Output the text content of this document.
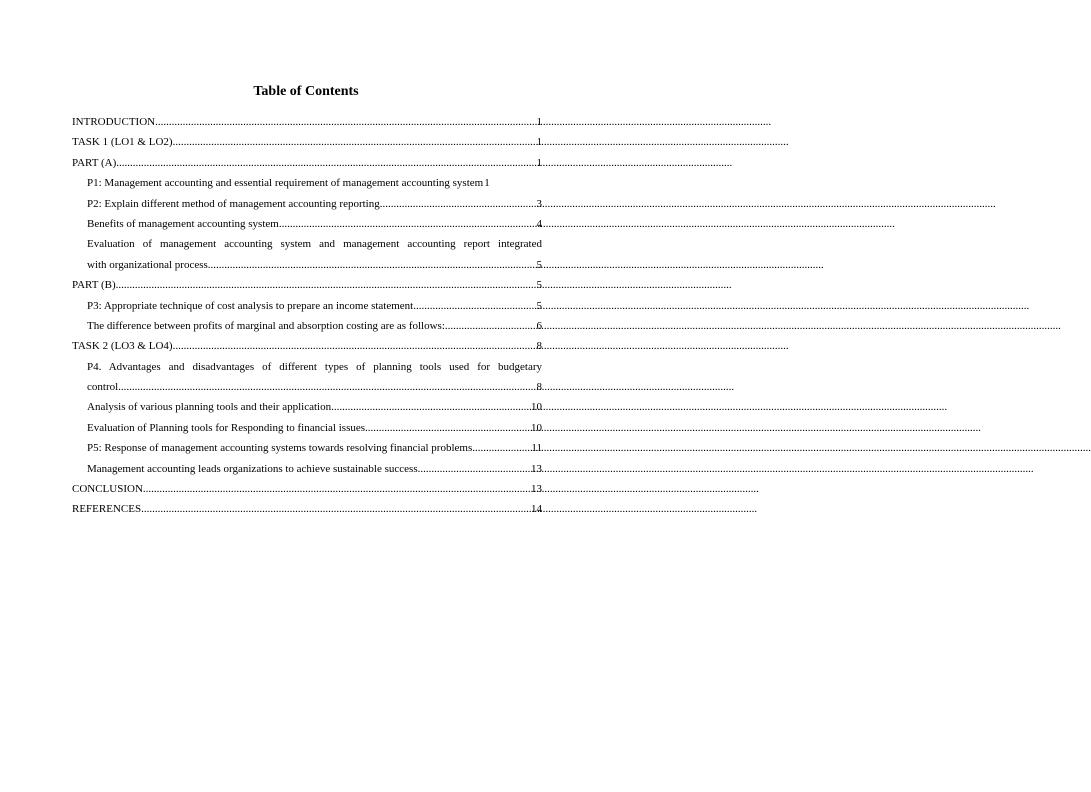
Table of Contents
INTRODUCTION .....	1
TASK 1 (LO1 & LO2) .....	1
PART (A) .....	1
P1: Management accounting and essential requirement of management accounting system 1
P2: Explain different method of management accounting reporting .....	3
Benefits of management accounting system .....	4
Evaluation of management accounting system and management accounting report integrated
with organizational process .....	5
PART (B) .....	5
P3: Appropriate technique of cost analysis to prepare an income statement .....	5
The difference between profits of marginal and absorption costing are as follows: .....	6
TASK 2 (LO3 & LO4) .....	8
P4. Advantages and disadvantages of different types of planning tools used for budgetary
control .....	8
Analysis of various planning tools and their application .....	10
Evaluation of Planning tools for Responding to financial issues .....	10
P5: Response of management accounting systems towards resolving financial problems. .....	11
Management accounting leads organizations to achieve sustainable success .....	13
CONCLUSION .....	13
REFERENCES .....	14
